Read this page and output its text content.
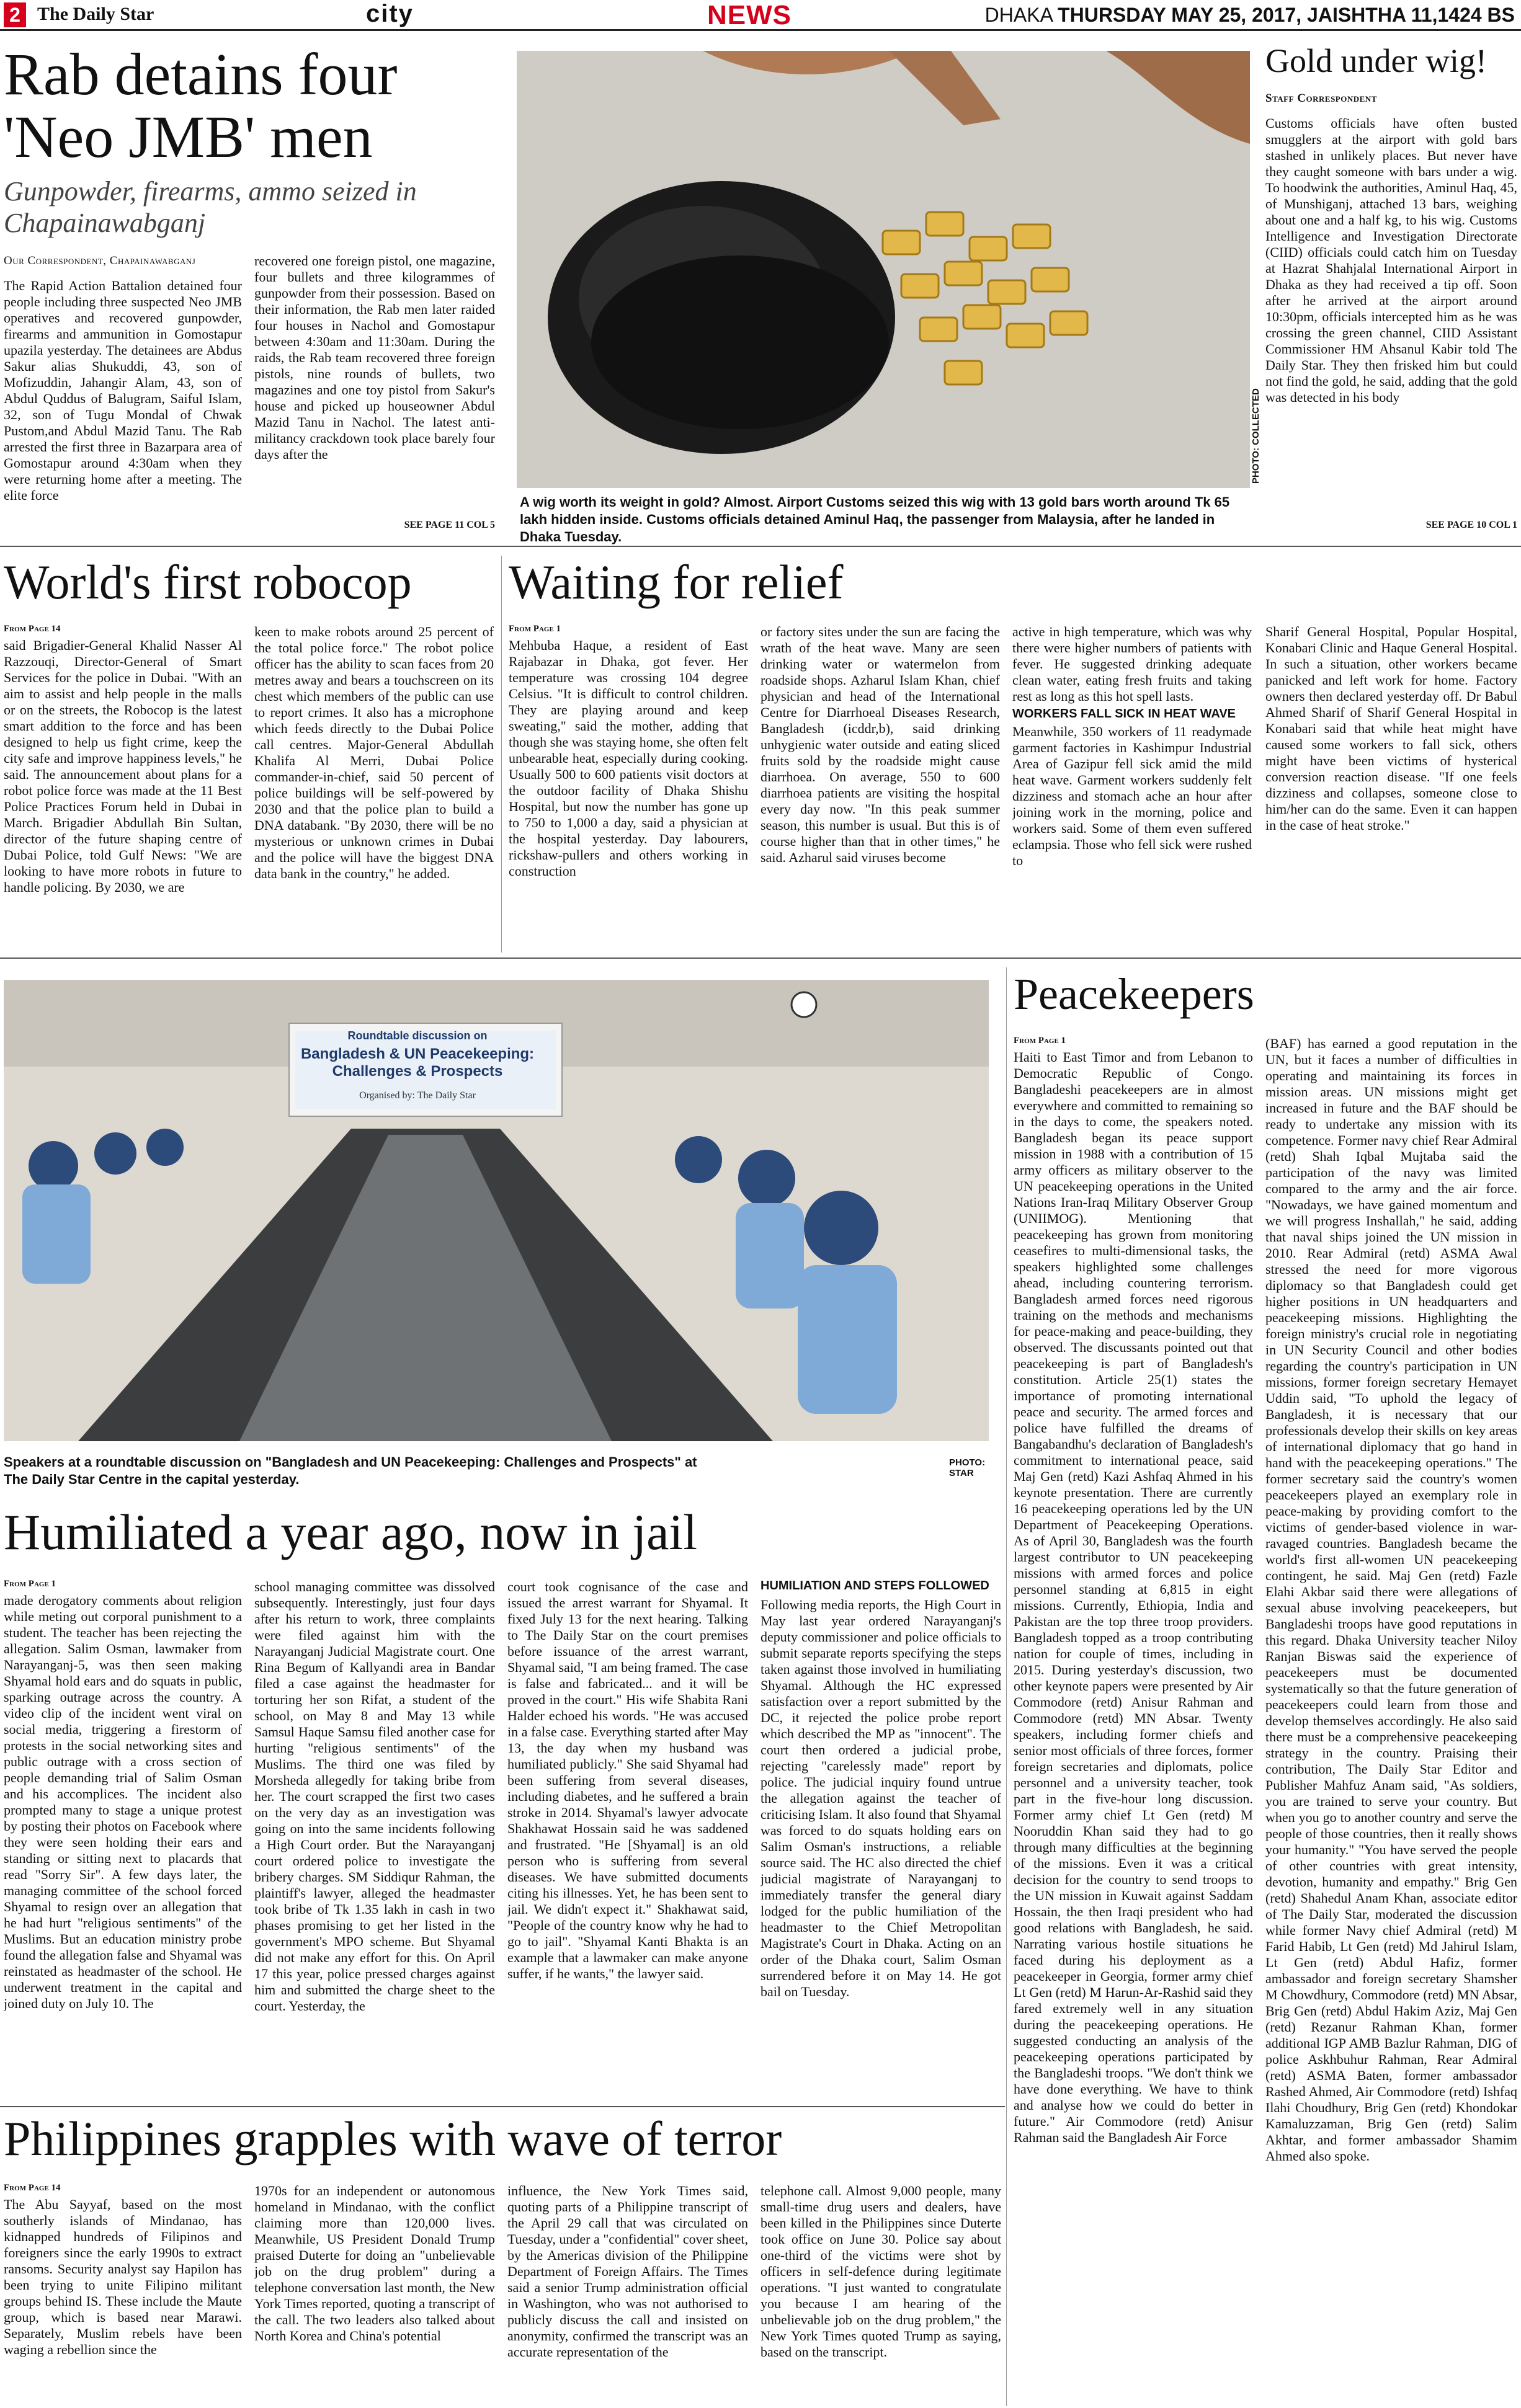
2 The Daily Star	city	NEWS	DHAKA THURSDAY MAY 25, 2017, JAISHTHA 11,1424 BS
Rab detains four 'Neo JMB' men
Gunpowder, firearms, ammo seized in Chapainawabganj
Our Correspondent, Chapainawabganj
The Rapid Action Battalion detained four people including three suspected Neo JMB operatives and recovered gunpowder, firearms and ammunition in Gomostapur upazila yesterday. The detainees are Abdus Sakur alias Shukuddi, 43, son of Mofizuddin, Jahangir Alam, 43, son of Abdul Quddus of Balugram, Saiful Islam, 32, son of Tugu Mondal of Chwak Pustom,and Abdul Mazid Tanu. The Rab arrested the first three in Bazarpara area of Gomostapur around 4:30am when they were returning home after a meeting. The elite force
recovered one foreign pistol, one magazine, four bullets and three kilogrammes of gunpowder from their possession. Based on their information, the Rab men later raided four houses in Nachol and Gomostapur between 4:30am and 11:30am. During the raids, the Rab team recovered three foreign pistols, nine rounds of bullets, two magazines and one toy pistol from Sakur's house and picked up houseowner Abdul Mazid Tanu in Nachol. The latest anti-militancy crackdown took place barely four days after the
SEE PAGE 11 COL 5
A wig worth its weight in gold? Almost. Airport Customs seized this wig with 13 gold bars worth around Tk 65 lakh hidden inside. Customs officials detained Aminul Haq, the passenger from Malaysia, after he landed in Dhaka Tuesday.
PHOTO: COLLECTED
Gold under wig!
Staff Correspondent
Customs officials have often busted smugglers at the airport with gold bars stashed in unlikely places. But never have they caught someone with bars under a wig. To hoodwink the authorities, Aminul Haq, 45, of Munshiganj, attached 13 bars, weighing about one and a half kg, to his wig. Customs Intelligence and Investigation Directorate (CIID) officials could catch him on Tuesday at Hazrat Shahjalal International Airport in Dhaka as they had received a tip off. Soon after he arrived at the airport around 10:30pm, officials intercepted him as he was crossing the green channel, CIID Assistant Commissioner HM Ahsanul Kabir told The Daily Star. They then frisked him but could not find the gold, he said, adding that the gold was detected in his body
SEE PAGE 10 COL 1
World's first robocop
From Page 14
said Brigadier-General Khalid Nasser Al Razzouqi, Director-General of Smart Services for the police in Dubai. "With an aim to assist and help people in the malls or on the streets, the Robocop is the latest smart addition to the force and has been designed to help us fight crime, keep the city safe and improve happiness levels," he said. The announcement about plans for a robot police force was made at the 11 Best Police Practices Forum held in Dubai in March. Brigadier Abdullah Bin Sultan, director of the future shaping centre of Dubai Police, told Gulf News: "We are looking to have more robots in future to handle policing. By 2030, we are
keen to make robots around 25 percent of the total police force." The robot police officer has the ability to scan faces from 20 metres away and bears a touchscreen on its chest which members of the public can use to report crimes. It also has a microphone which feeds directly to the Dubai Police call centres. Major-General Abdullah Khalifa Al Merri, Dubai Police commander-in-chief, said 50 percent of police buildings will be self-powered by 2030 and that the police plan to build a DNA databank. "By 2030, there will be no mysterious or unknown crimes in Dubai and the police will have the biggest DNA data bank in the country," he added.
Waiting for relief
From Page 1
Mehbuba Haque, a resident of East Rajabazar in Dhaka, got fever. Her temperature was crossing 104 degree Celsius. "It is difficult to control children. They are playing around and keep sweating," said the mother, adding that though she was staying home, she often felt unbearable heat, especially during cooking. Usually 500 to 600 patients visit doctors at the outdoor facility of Dhaka Shishu Hospital, but now the number has gone up to 750 to 1,000 a day, said a physician at the hospital yesterday. Day labourers, rickshaw-pullers and others working in construction
or factory sites under the sun are facing the wrath of the heat wave. Many are seen drinking water or watermelon from roadside shops. Azharul Islam Khan, chief physician and head of the International Centre for Diarrhoeal Diseases Research, Bangladesh (icddr,b), said drinking unhygienic water outside and eating sliced fruits sold by the roadside might cause diarrhoea. On average, 550 to 600 diarrhoea patients are visiting the hospital every day now. "In this peak summer season, this number is usual. But this is of course higher than that in other times," he said. Azharul said viruses become
active in high temperature, which was why there were higher numbers of patients with fever. He suggested drinking adequate clean water, eating fresh fruits and taking rest as long as this hot spell lasts.
WORKERS FALL SICK IN HEAT WAVE
Meanwhile, 350 workers of 11 readymade garment factories in Kashimpur Industrial Area of Gazipur fell sick amid the mild heat wave. Garment workers suddenly felt dizziness and stomach ache an hour after joining work in the morning, police and workers said. Some of them even suffered eclampsia. Those who fell sick were rushed to
Sharif General Hospital, Popular Hospital, Konabari Clinic and Haque General Hospital. In such a situation, other workers became panicked and left work for home. Factory owners then declared yesterday off. Dr Babul Ahmed Sharif of Sharif General Hospital in Konabari said that while heat might have caused some workers to fall sick, others might have been victims of hysterical conversion reaction disease. "If one feels dizziness and collapses, someone close to him/her can do the same. Even it can happen in the case of heat stroke."
Roundtable discussion on
Bangladesh & UN Peacekeeping: Challenges & Prospects
Organised by: The Daily Star
Speakers at a roundtable discussion on "Bangladesh and UN Peacekeeping: Challenges and Prospects" at The Daily Star Centre in the capital yesterday.
PHOTO: STAR
Peacekeepers
From Page 1
Haiti to East Timor and from Lebanon to Democratic Republic of Congo. Bangladeshi peacekeepers are in almost everywhere and committed to remaining so in the days to come, the speakers noted. Bangladesh began its peace support mission in 1988 with a contribution of 15 army officers as military observer to the UN peacekeeping operations in the United Nations Iran-Iraq Military Observer Group (UNIIMOG). Mentioning that peacekeeping has grown from monitoring ceasefires to multi-dimensional tasks, the speakers highlighted some challenges ahead, including countering terrorism. Bangladesh armed forces need rigorous training on the methods and mechanisms for peace-making and peace-building, they observed. The discussants pointed out that peacekeeping is part of Bangladesh's constitution. Article 25(1) states the importance of promoting international peace and security. The armed forces and police have fulfilled the dreams of Bangabandhu's declaration of Bangladesh's commitment to international peace, said Maj Gen (retd) Kazi Ashfaq Ahmed in his keynote presentation. There are currently 16 peacekeeping operations led by the UN Department of Peacekeeping Operations. As of April 30, Bangladesh was the fourth largest contributor to UN peacekeeping missions with armed forces and police personnel standing at 6,815 in eight missions. Currently, Ethiopia, India and Pakistan are the top three troop providers. Bangladesh topped as a troop contributing nation for couple of times, including in 2015. During yesterday's discussion, two other keynote papers were presented by Air Commodore (retd) Anisur Rahman and Commodore (retd) MN Absar. Twenty speakers, including former chiefs and senior most officials of three forces, former foreign secretaries and diplomats, police personnel and a university teacher, took part in the five-hour long discussion. Former army chief Lt Gen (retd) M Nooruddin Khan said they had to go through many difficulties at the beginning of the missions. Even it was a critical decision for the country to send troops to the UN mission in Kuwait against Saddam Hossain, the then Iraqi president who had good relations with Bangladesh, he said. Narrating various hostile situations he faced during his deployment as a peacekeeper in Georgia, former army chief Lt Gen (retd) M Harun-Ar-Rashid said they fared extremely well in any situation during the peacekeeping operations. He suggested conducting an analysis of the peacekeeping operations participated by the Bangladeshi troops. "We don't think we have done everything. We have to think and analyse how we could do better in future." Air Commodore (retd) Anisur Rahman said the Bangladesh Air Force
(BAF) has earned a good reputation in the UN, but it faces a number of difficulties in operating and maintaining its forces in mission areas. UN missions might get increased in future and the BAF should be ready to undertake any mission with its competence. Former navy chief Rear Admiral (retd) Shah Iqbal Mujtaba said the participation of the navy was limited compared to the army and the air force. "Nowadays, we have gained momentum and we will progress Inshallah," he said, adding that naval ships joined the UN mission in 2010. Rear Admiral (retd) ASMA Awal stressed the need for more vigorous diplomacy so that Bangladesh could get higher positions in UN headquarters and peacekeeping missions. Highlighting the foreign ministry's crucial role in negotiating in UN Security Council and other bodies regarding the country's participation in UN missions, former foreign secretary Hemayet Uddin said, "To uphold the legacy of Bangladesh, it is necessary that our professionals develop their skills on key areas of international diplomacy that go hand in hand with the peacekeeping operations." The former secretary said the country's women peacekeepers played an exemplary role in peace-making by providing comfort to the victims of gender-based violence in war-ravaged countries. Bangladesh became the world's first all-women UN peacekeeping contingent, he said. Maj Gen (retd) Fazle Elahi Akbar said there were allegations of sexual abuse involving peacekeepers, but Bangladeshi troops have good reputations in this regard. Dhaka University teacher Niloy Ranjan Biswas said the experience of peacekeepers must be documented systematically so that the future generation of peacekeepers could learn from those and develop themselves accordingly. He also said there must be a comprehensive peacekeeping strategy in the country. Praising their contribution, The Daily Star Editor and Publisher Mahfuz Anam said, "As soldiers, you are trained to serve your country. But when you go to another country and serve the people of those countries, then it really shows your humanity." "You have served the people of other countries with great intensity, devotion, humanity and empathy." Brig Gen (retd) Shahedul Anam Khan, associate editor of The Daily Star, moderated the discussion while former Navy chief Admiral (retd) M Farid Habib, Lt Gen (retd) Md Jahirul Islam, Lt Gen (retd) Abdul Hafiz, former ambassador and foreign secretary Shamsher M Chowdhury, Commodore (retd) MN Absar, Brig Gen (retd) Abdul Hakim Aziz, Maj Gen (retd) Rezanur Rahman Khan, former additional IGP AMB Bazlur Rahman, DIG of police Askhbuhur Rahman, Rear Admiral (retd) ASMA Baten, former ambassador Rashed Ahmed, Air Commodore (retd) Ishfaq Ilahi Choudhury, Brig Gen (retd) Khondokar Kamaluzzaman, Brig Gen (retd) Salim Akhtar, and former ambassador Shamim Ahmed also spoke.
Humiliated a year ago, now in jail
From Page 1
made derogatory comments about religion while meting out corporal punishment to a student. The teacher has been rejecting the allegation. Salim Osman, lawmaker from Narayanganj-5, was then seen making Shyamal hold ears and do squats in public, sparking outrage across the country. A video clip of the incident went viral on social media, triggering a firestorm of protests in the social networking sites and public outrage with a cross section of people demanding trial of Salim Osman and his accomplices. The incident also prompted many to stage a unique protest by posting their photos on Facebook where they were seen holding their ears and standing or sitting next to placards that read "Sorry Sir". A few days later, the managing committee of the school forced Shyamal to resign over an allegation that he had hurt "religious sentiments" of the Muslims. But an education ministry probe found the allegation false and Shyamal was reinstated as headmaster of the school. He underwent treatment in the capital and joined duty on July 10. The
school managing committee was dissolved subsequently. Interestingly, just four days after his return to work, three complaints were filed against him with the Narayanganj Judicial Magistrate court. One Rina Begum of Kallyandi area in Bandar filed a case against the headmaster for torturing her son Rifat, a student of the school, on May 8 and May 13 while Samsul Haque Samsu filed another case for hurting "religious sentiments" of the Muslims. The third one was filed by Morsheda allegedly for taking bribe from her. The court scrapped the first two cases on the very day as an investigation was going on into the same incidents following a High Court order. But the Narayanganj court ordered police to investigate the bribery charges. SM Siddiqur Rahman, the plaintiff's lawyer, alleged the headmaster took bribe of Tk 1.35 lakh in cash in two phases promising to get her listed in the government's MPO scheme. But Shyamal did not make any effort for this. On April 17 this year, police pressed charges against him and submitted the charge sheet to the court. Yesterday, the
court took cognisance of the case and issued the arrest warrant for Shyamal. It fixed July 13 for the next hearing. Talking to The Daily Star on the court premises before issuance of the arrest warrant, Shyamal said, "I am being framed. The case is false and fabricated... and it will be proved in the court." His wife Shabita Rani Halder echoed his words. "He was accused in a false case. Everything started after May 13, the day when my husband was humiliated publicly." She said Shyamal had been suffering from several diseases, including diabetes, and he suffered a brain stroke in 2014. Shyamal's lawyer advocate Shakhawat Hossain said he was saddened and frustrated. "He [Shyamal] is an old person who is suffering from several diseases. We have submitted documents citing his illnesses. Yet, he has been sent to jail. We didn't expect it." Shakhawat said, "People of the country know why he had to go to jail". "Shyamal Kanti Bhakta is an example that a lawmaker can make anyone suffer, if he wants," the lawyer said.
HUMILIATION AND STEPS FOLLOWED
Following media reports, the High Court in May last year ordered Narayanganj's deputy commissioner and police officials to submit separate reports specifying the steps taken against those involved in humiliating Shyamal. Although the HC expressed satisfaction over a report submitted by the DC, it rejected the police probe report which described the MP as "innocent". The court then ordered a judicial probe, rejecting "carelessly made" report by police. The judicial inquiry found untrue the allegation against the teacher of criticising Islam. It also found that Shyamal was forced to do squats holding ears on Salim Osman's instructions, a reliable source said. The HC also directed the chief judicial magistrate of Narayanganj to immediately transfer the general diary lodged for the public humiliation of the headmaster to the Chief Metropolitan Magistrate's Court in Dhaka. Acting on an order of the Dhaka court, Salim Osman surrendered before it on May 14. He got bail on Tuesday.
Philippines grapples with wave of terror
From Page 14
The Abu Sayyaf, based on the most southerly islands of Mindanao, has kidnapped hundreds of Filipinos and foreigners since the early 1990s to extract ransoms. Security analyst say Hapilon has been trying to unite Filipino militant groups behind IS. These include the Maute group, which is based near Marawi. Separately, Muslim rebels have been waging a rebellion since the
1970s for an independent or autonomous homeland in Mindanao, with the conflict claiming more than 120,000 lives. Meanwhile, US President Donald Trump praised Duterte for doing an "unbelievable job on the drug problem" during a telephone conversation last month, the New York Times reported, quoting a transcript of the call. The two leaders also talked about North Korea and China's potential
influence, the New York Times said, quoting parts of a Philippine transcript of the April 29 call that was circulated on Tuesday, under a "confidential" cover sheet, by the Americas division of the Philippine Department of Foreign Affairs. The Times said a senior Trump administration official in Washington, who was not authorised to publicly discuss the call and insisted on anonymity, confirmed the transcript was an accurate representation of the
telephone call. Almost 9,000 people, many small-time drug users and dealers, have been killed in the Philippines since Duterte took office on June 30. Police say about one-third of the victims were shot by officers in self-defence during legitimate operations. "I just wanted to congratulate you because I am hearing of the unbelievable job on the drug problem," the New York Times quoted Trump as saying, based on the transcript.
